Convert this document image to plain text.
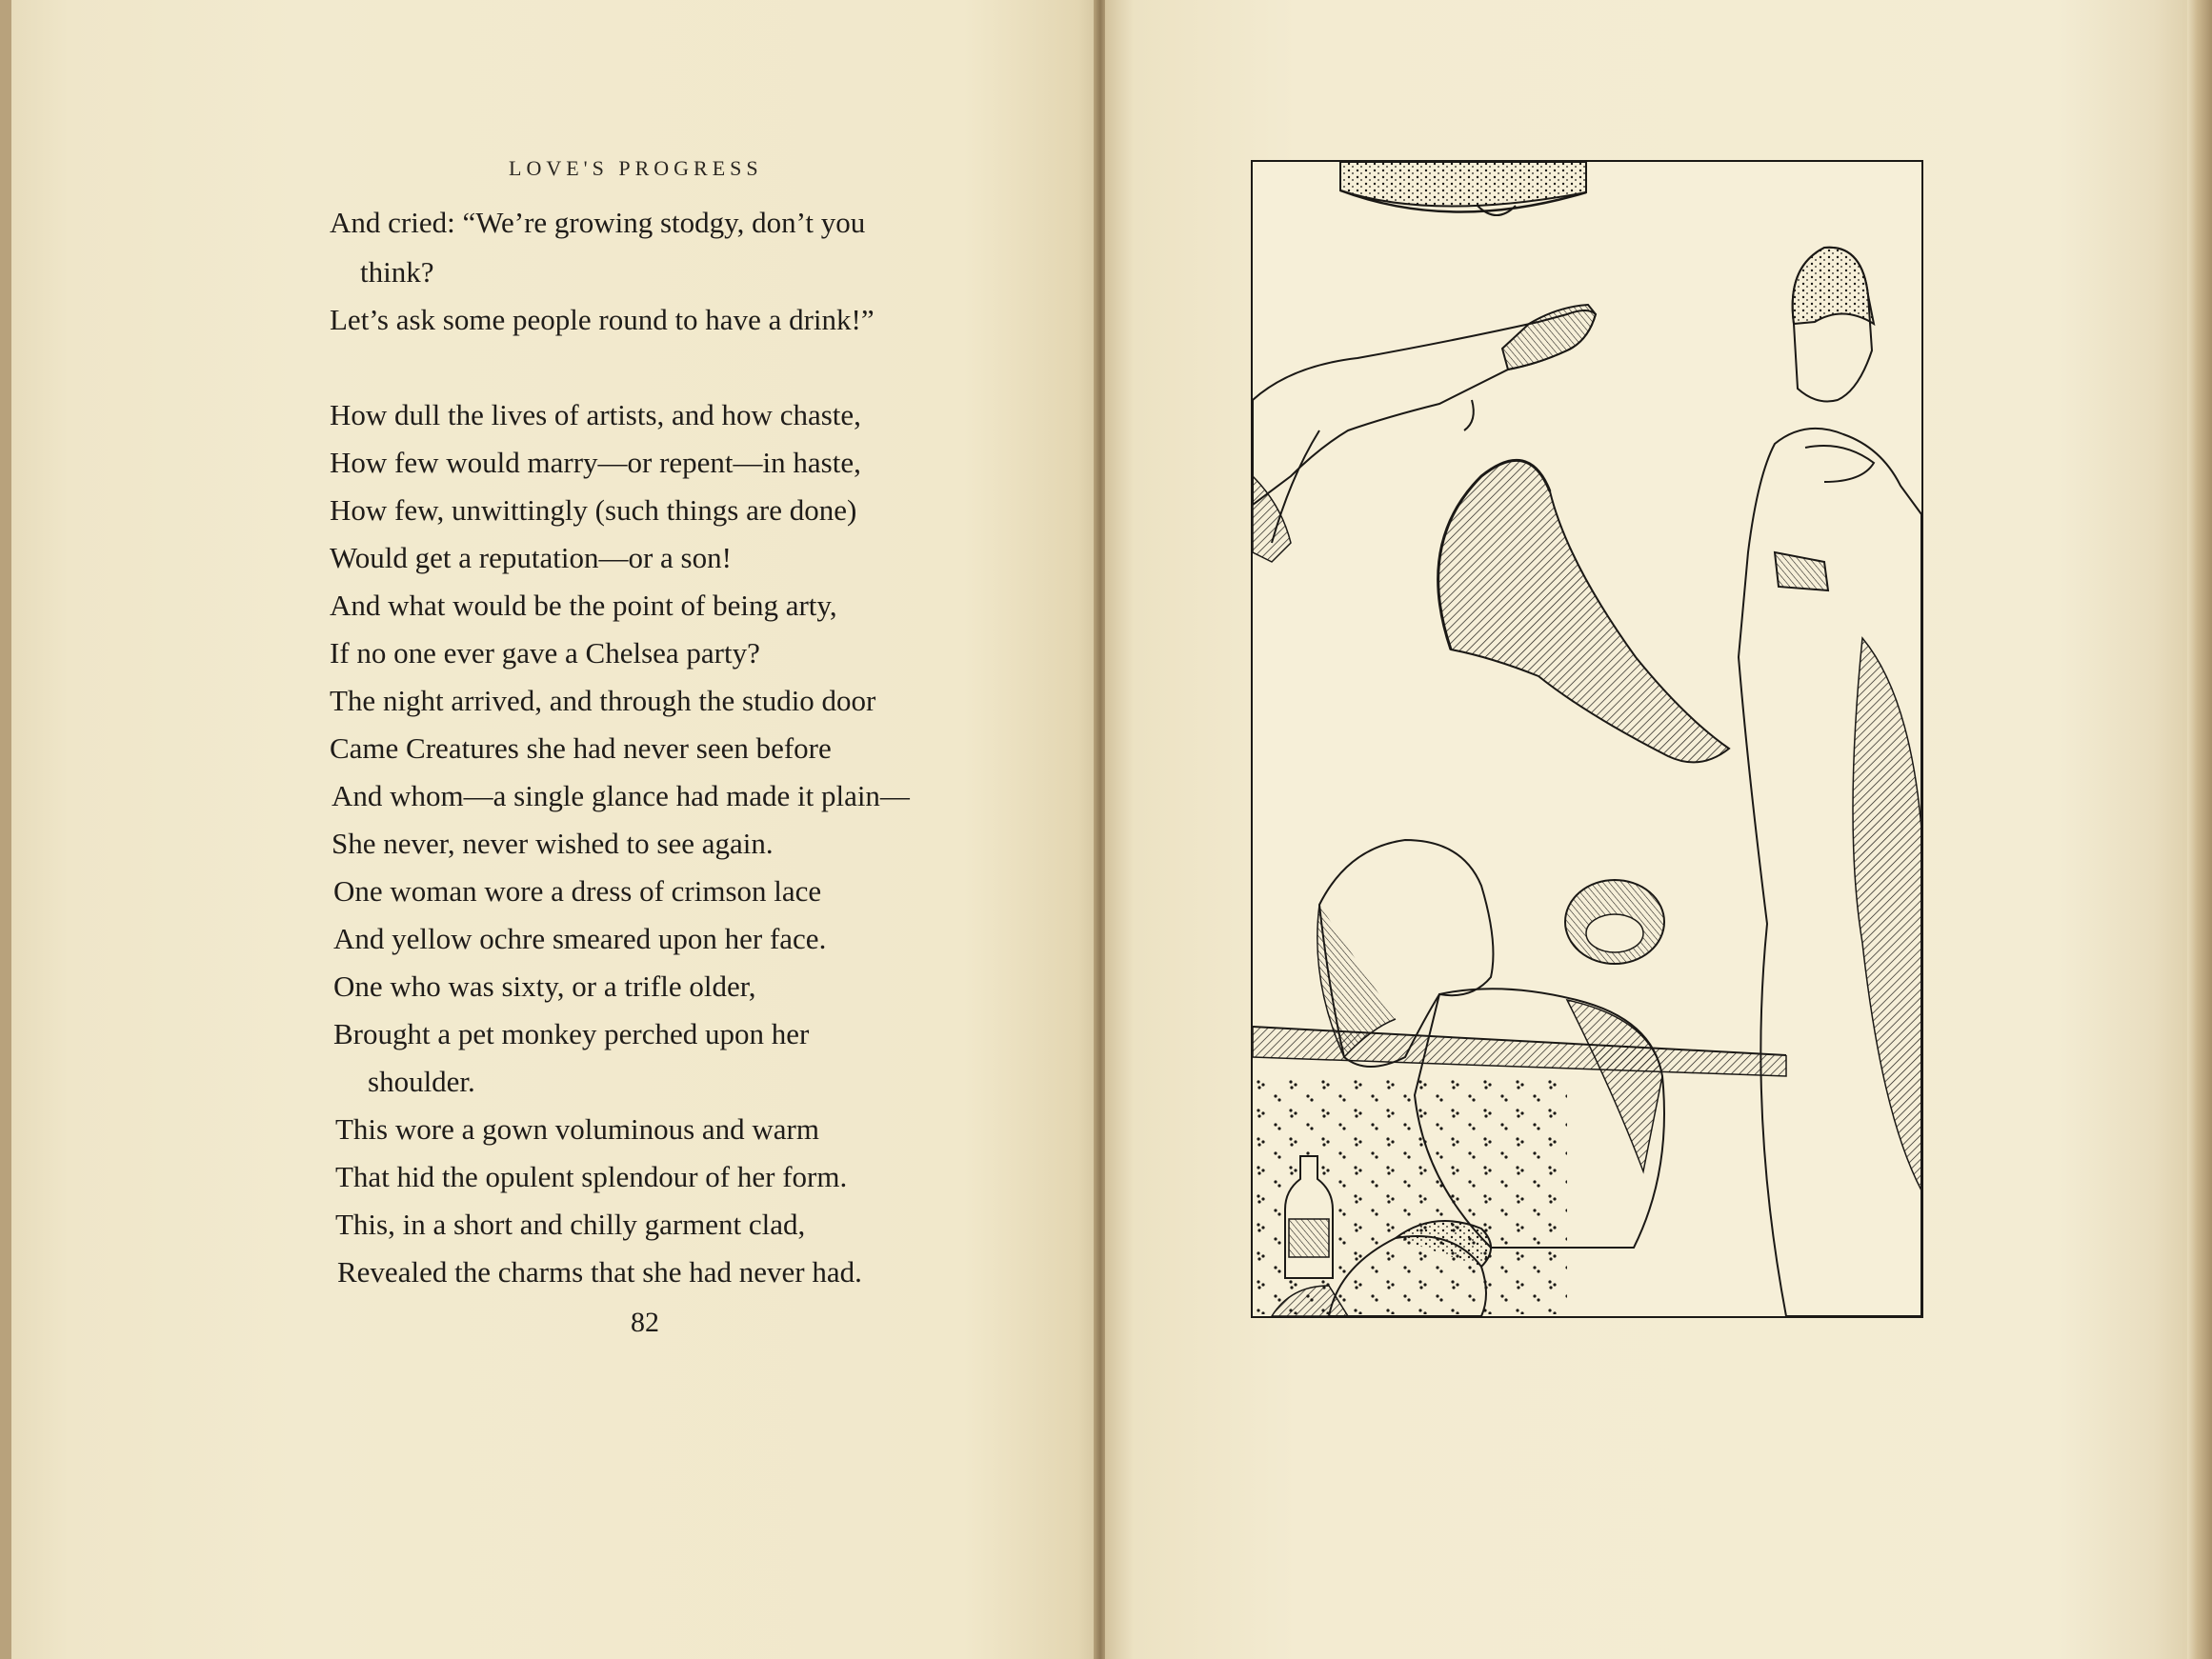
LOVE'S PROGRESS
And cried: “We’re growing stodgy, don’t you
think?
Let’s ask some people round to have a drink!”
How dull the lives of artists, and how chaste,
How few would marry—or repent—in haste,
How few, unwittingly (such things are done)
Would get a reputation—or a son!
And what would be the point of being arty,
If no one ever gave a Chelsea party?
The night arrived, and through the studio door
Came Creatures she had never seen before
And whom—a single glance had made it plain—
She never, never wished to see again.
One woman wore a dress of crimson lace
And yellow ochre smeared upon her face.
One who was sixty, or a trifle older,
Brought a pet monkey perched upon her
shoulder.
This wore a gown voluminous and warm
That hid the opulent splendour of her form.
This, in a short and chilly garment clad,
Revealed the charms that she had never had.
82
